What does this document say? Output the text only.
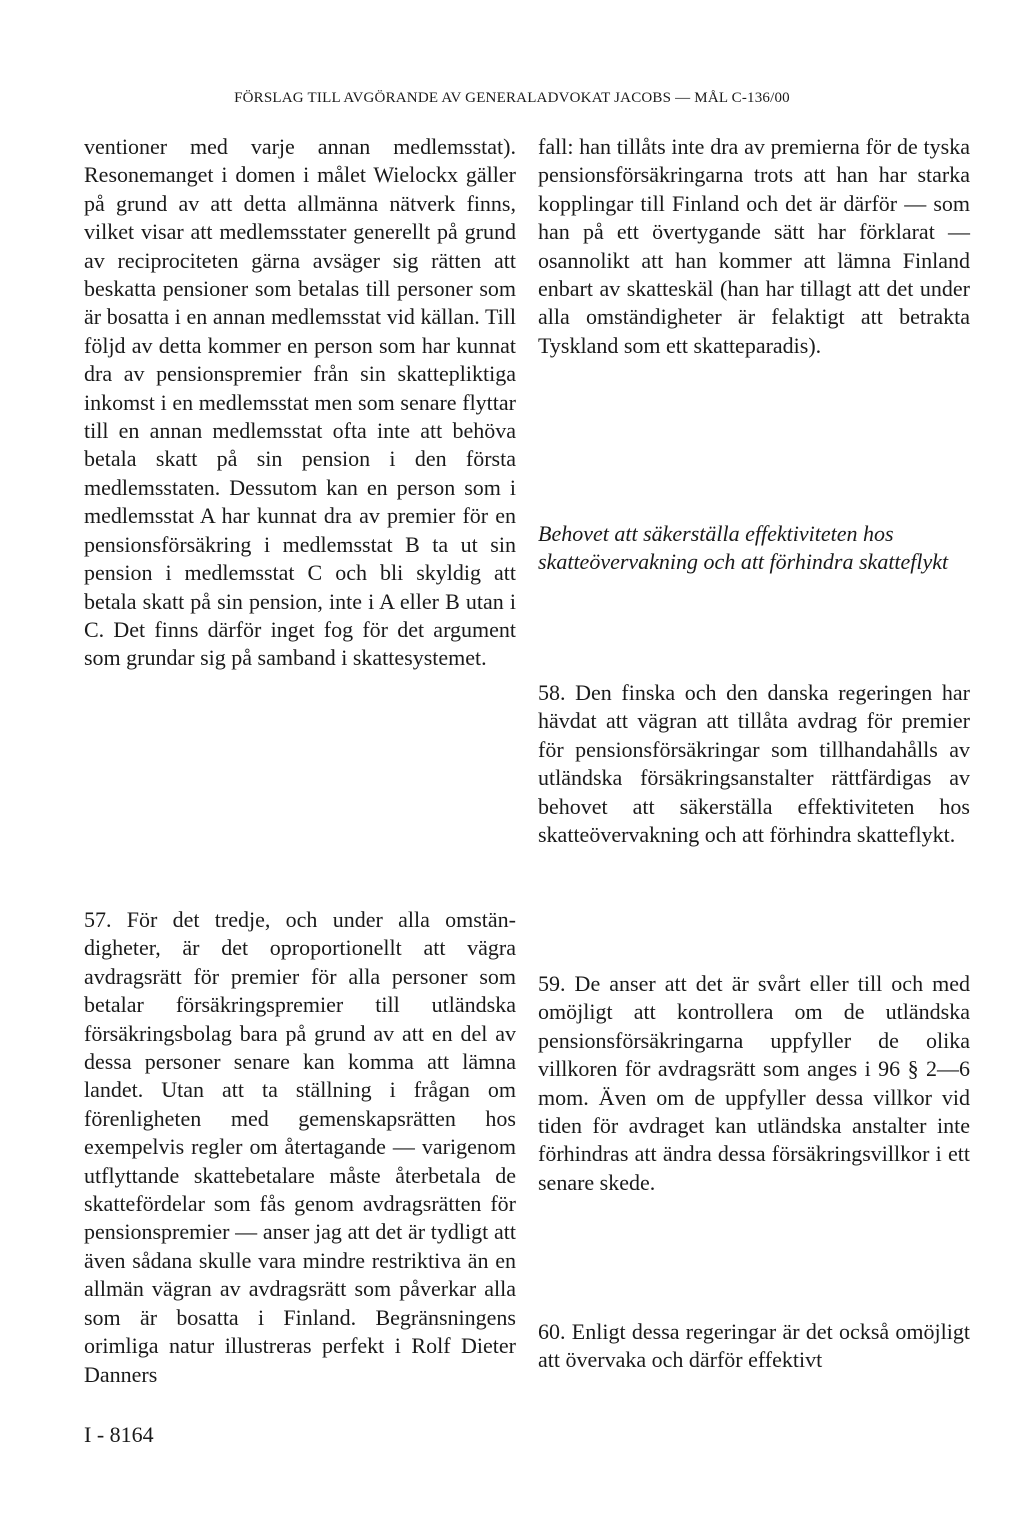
FÖRSLAG TILL AVGÖRANDE AV GENERALADVOKAT JACOBS — MÅL C-136/00

ventioner med varje annan medlemsstat). Resonemanget i domen i målet Wielockx gäller på grund av att detta allmänna nätverk finns, vilket visar att medlemsstater generellt på grund av reciprociteten gärna avsäger sig rätten att beskatta pensioner som betalas till personer som är bosatta i en annan medlemsstat vid källan. Till följd av detta kommer en person som har kunnat dra av pensionspremier från sin skattepliktiga inkomst i en medlemsstat men som senare flyttar till en annan medlemsstat ofta inte att behöva betala skatt på sin pension i den första medlemsstaten. Dessutom kan en person som i medlemsstat A har kunnat dra av premier för en pensionsförsäkring i medlemsstat B ta ut sin pension i medlemsstat C och bli skyldig att betala skatt på sin pension, inte i A eller B utan i C. Det finns därför inget fog för det argument som grundar sig på samband i skattesystemet.

57. För det tredje, och under alla omständigheter, är det oproportionellt att vägra avdragsrätt för premier för alla personer som betalar försäkringspremier till utländska försäkringsbolag bara på grund av att en del av dessa personer senare kan komma att lämna landet. Utan att ta ställning i frågan om förenligheten med gemenskapsrätten hos exempelvis regler om återtagande — varigenom utflyttande skattebetalare måste återbetala de skattefördelar som fås genom avdragsrätten för pensionspremier — anser jag att det är tydligt att även sådana skulle vara mindre restriktiva än en allmän vägran av avdragsrätt som påverkar alla som är bosatta i Finland. Begränsningens orimliga natur illustreras perfekt i Rolf Dieter Danners

fall: han tillåts inte dra av premierna för de tyska pensionsförsäkringarna trots att han har starka kopplingar till Finland och det är därför — som han på ett övertygande sätt har förklarat — osannolikt att han kommer att lämna Finland enbart av skatteskäl (han har tillagt att det under alla omständigheter är felaktigt att betrakta Tyskland som ett skatteparadis).

Behovet att säkerställa effektiviteten hos skatteövervakning och att förhindra skatteflykt

58. Den finska och den danska regeringen har hävdat att vägran att tillåta avdrag för premier för pensionsförsäkringar som tillhandahålls av utländska försäkringsanstalter rättfärdigas av behovet att säkerställa effektiviteten hos skatteövervakning och att förhindra skatteflykt.

59. De anser att det är svårt eller till och med omöjligt att kontrollera om de utländska pensionsförsäkringarna uppfyller de olika villkoren för avdragsrätt som anges i 96 § 2—6 mom. Även om de uppfyller dessa villkor vid tiden för avdraget kan utländska anstalter inte förhindras att ändra dessa försäkringsvillkor i ett senare skede.

60. Enligt dessa regeringar är det också omöjligt att övervaka och därför effektivt

I - 8164
